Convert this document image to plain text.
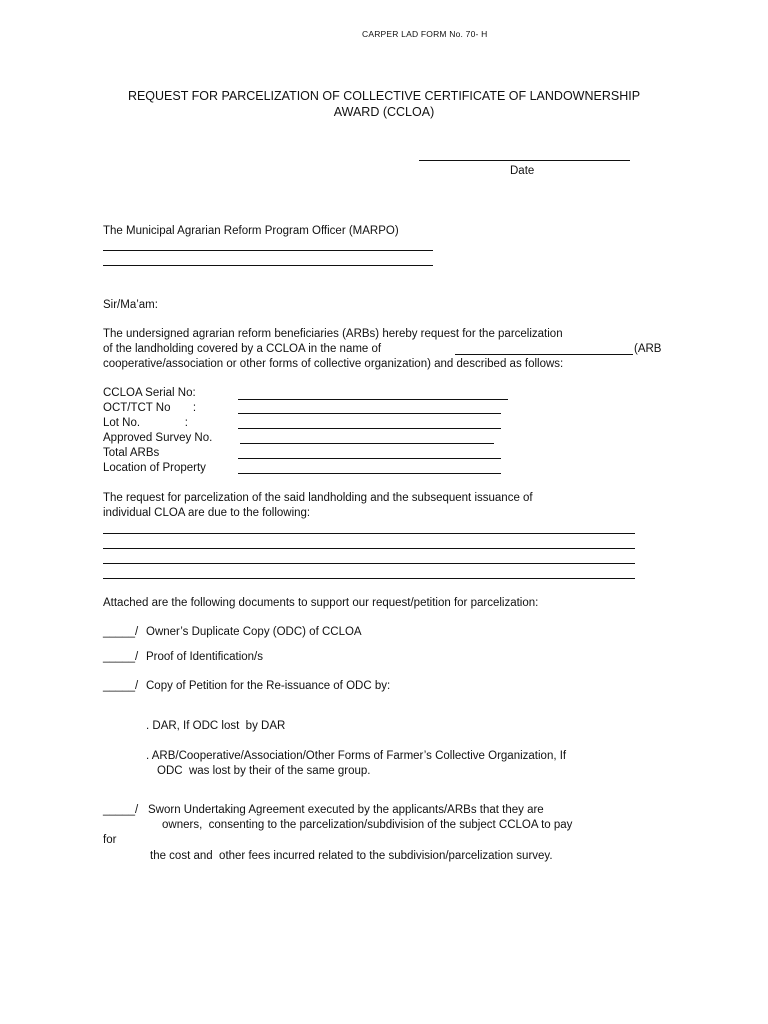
CARPER LAD FORM No. 70- H
REQUEST FOR PARCELIZATION OF COLLECTIVE CERTIFICATE OF LANDOWNERSHIP
AWARD (CCLOA)
Date
The Municipal Agrarian Reform Program Officer (MARPO)
Sir/Ma’am:
The undersigned agrarian reform beneficiaries (ARBs) hereby request for the parcelization
of the landholding covered by a CCLOA in the name of	(ARB
cooperative/association or other forms of collective organization) and described as follows:
CCLOA Serial No:
OCT/TCT No       :
Lot No.              :
Approved Survey No.
Total ARBs
Location of Property
The request for parcelization of the said landholding and the subsequent issuance of
individual CLOA are due to the following:
Attached are the following documents to support our request/petition for parcelization:
_____/ Owner’s Duplicate Copy (ODC) of CCLOA
_____/ Proof of Identification/s
_____/ Copy of Petition for the Re-issuance of ODC by:
. DAR, If ODC lost  by DAR
. ARB/Cooperative/Association/Other Forms of Farmer’s Collective Organization, If
ODC  was lost by their of the same group.
_____/ Sworn Undertaking Agreement executed by the applicants/ARBs that they are
owners,  consenting to the parcelization/subdivision of the subject CCLOA to pay
for
the cost and  other fees incurred related to the subdivision/parcelization survey.
